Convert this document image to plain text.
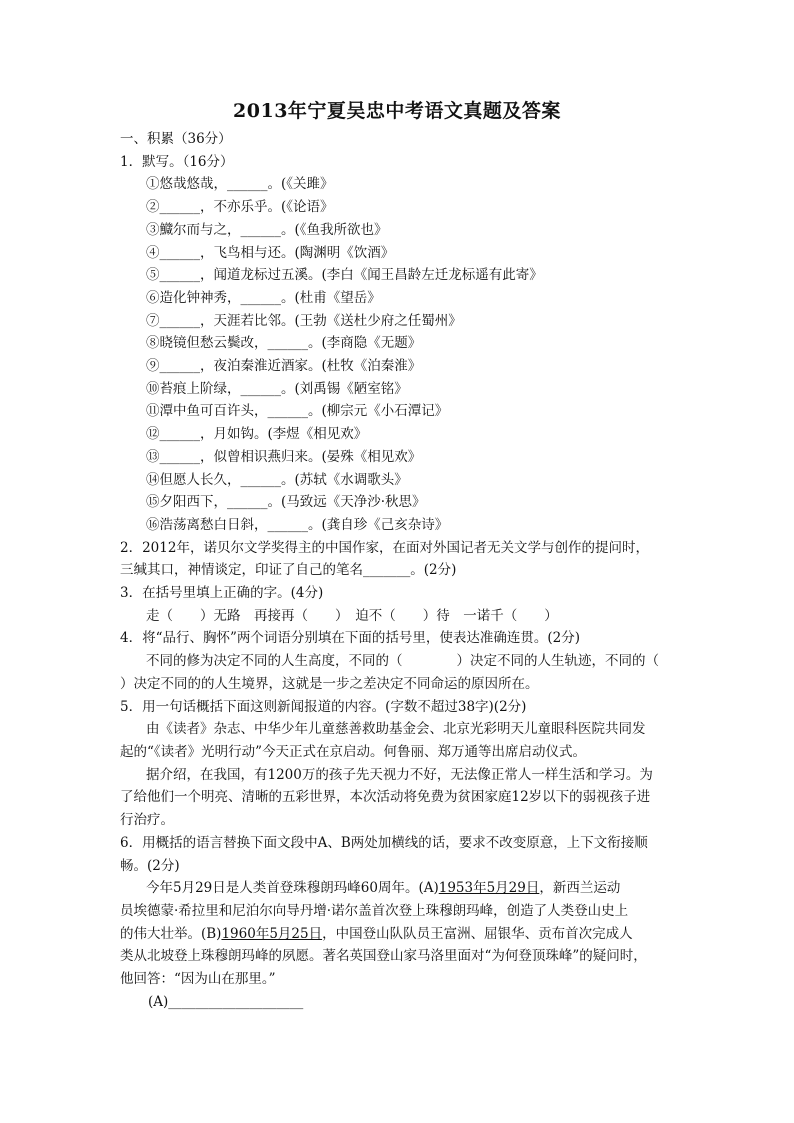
2013年宁夏吴忠中考语文真题及答案
一、积累（36分）
1．默写。（16分）
①悠哉悠哉，______。(《关雎》
②______，不亦乐乎。(《论语》
③鱵尔而与之，______。(《鱼我所欲也》
④______，飞鸟相与还。(陶渊明《饮酒》
⑤______，闻道龙标过五溪。(李白《闻王昌龄左迁龙标遥有此寄》
⑥造化钟神秀，______。(杜甫《望岳》
⑦______，天涯若比邻。(王勃《送杜少府之任蜀州》
⑧晓镜但愁云鬓改，______。(李商隐《无题》
⑨______，夜泊秦淮近酒家。(杜牧《泊秦淮》
⑩苔痕上阶绿，______。(刘禹锡《陋室铭》
⑪潭中鱼可百许头，______。(柳宗元《小石潭记》
⑫______，月如钩。(李煜《相见欢》
⑬______，似曾相识燕归来。(晏殊《相见欢》
⑭但愿人长久，______。(苏轼《水调歌头》
⑮夕阳西下，______。(马致远《天净沙·秋思》
⑯浩荡离愁白日斜，______。(龚自珍《己亥杂诗》
2．2012年，诺贝尔文学奖得主的中国作家，在面对外国记者无关文学与创作的提问时，
三缄其口，神情谈定，印证了自己的笔名_______。(2分)
3．在括号里填上正确的字。(4分)
走（　　）无路　再接再（　　）　迫不（　　）待　一诺千（　　）
4．将“品行、胸怀”两个词语分别填在下面的括号里，使表达准确连贯。(2分)
不同的修为决定不同的人生高度，不同的（　　　　）决定不同的人生轨迹，不同的（
）决定不同的的人生境界，这就是一步之差决定不同命运的原因所在。
5．用一句话概括下面这则新闻报道的内容。(字数不超过38字)(2分)
由《读者》杂志、中华少年儿童慈善救助基金会、北京光彩明天儿童眼科医院共同发
起的“《读者》光明行动”今天正式在京启动。何鲁丽、郑万通等出席启动仪式。
据介绍，在我国，有1200万的孩子先天视力不好，无法像正常人一样生活和学习。为
了给他们一个明亮、清晰的五彩世界，本次活动将免费为贫困家庭12岁以下的弱视孩子进
行治疗。
6．用概括的语言替换下面文段中A、B两处加横线的话，要求不改变原意，上下文衔接顺
畅。(2分)
今年5月29日是人类首登珠穆朗玛峰60周年。(A)1953年5月29日，新西兰运动
员埃德蒙·希拉里和尼泊尔向导丹增·诺尔盖首次登上珠穆朗玛峰，创造了人类登山史上
的伟大壮举。(B)1960年5月25日，中国登山队队员王富洲、屈银华、贡布首次完成人
类从北坡登上珠穆朗玛峰的夙愿。著名英国登山家马洛里面对“为何登顶珠峰”的疑问时，
他回答：“因为山在那里。”
(A)____________________
